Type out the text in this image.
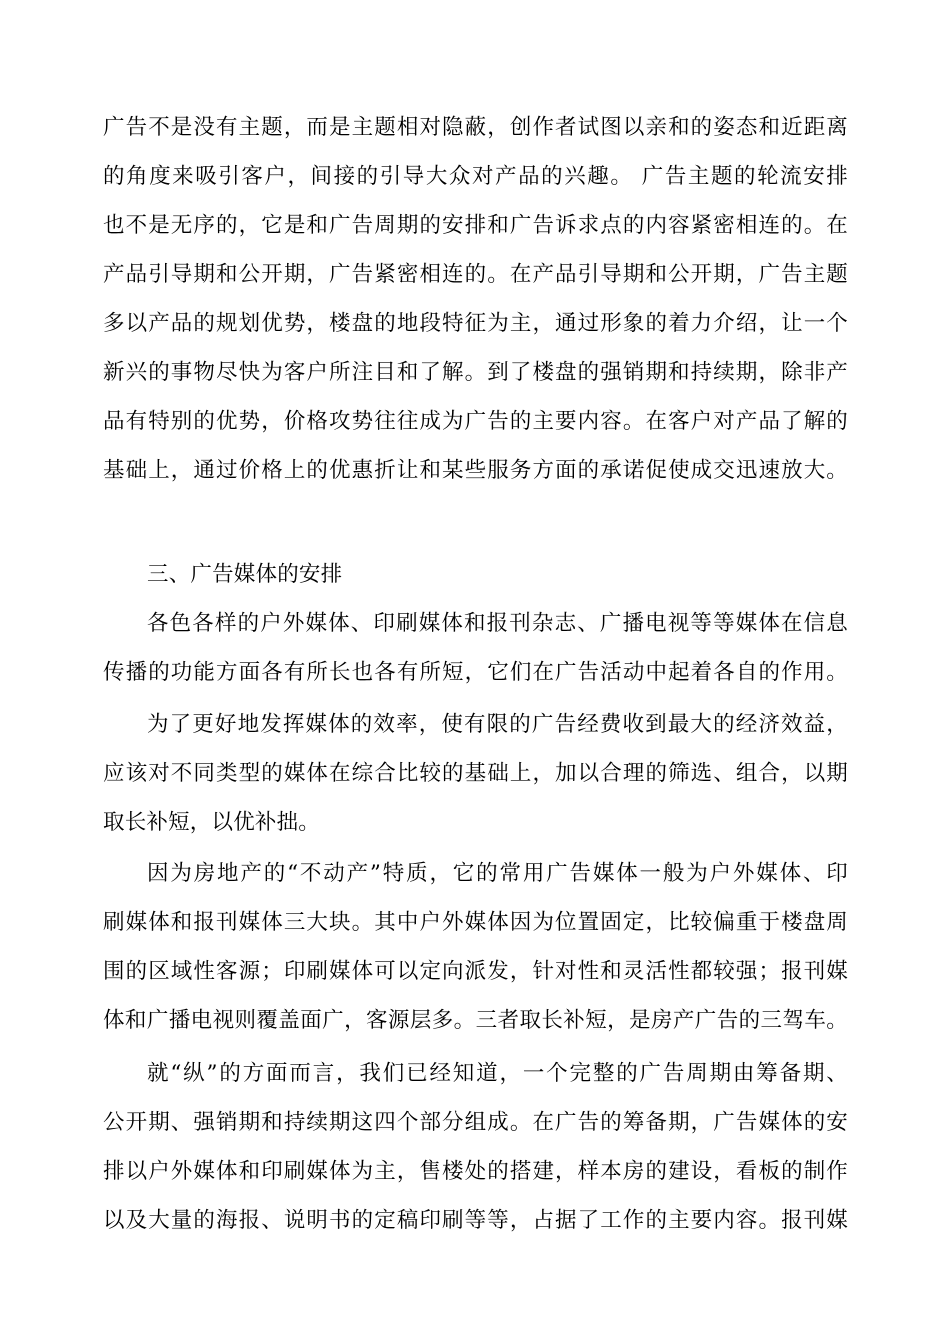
广告不是没有主题，而是主题相对隐蔽，创作者试图以亲和的姿态和近距离
的角度来吸引客户，间接的引导大众对产品的兴趣。 广告主题的轮流安排
也不是无序的，它是和广告周期的安排和广告诉求点的内容紧密相连的。在
产品引导期和公开期，广告紧密相连的。在产品引导期和公开期，广告主题
多以产品的规划优势，楼盘的地段特征为主，通过形象的着力介绍，让一个
新兴的事物尽快为客户所注目和了解。到了楼盘的强销期和持续期，除非产
品有特别的优势，价格攻势往往成为广告的主要内容。在客户对产品了解的
基础上，通过价格上的优惠折让和某些服务方面的承诺促使成交迅速放大。
三、广告媒体的安排
各色各样的户外媒体、印刷媒体和报刊杂志、广播电视等等媒体在信息
传播的功能方面各有所长也各有所短，它们在广告活动中起着各自的作用。
为了更好地发挥媒体的效率，使有限的广告经费收到最大的经济效益，
应该对不同类型的媒体在综合比较的基础上，加以合理的筛选、组合，以期
取长补短，以优补拙。
因为房地产的“不动产”特质，它的常用广告媒体一般为户外媒体、印
刷媒体和报刊媒体三大块。其中户外媒体因为位置固定，比较偏重于楼盘周
围的区域性客源；印刷媒体可以定向派发，针对性和灵活性都较强；报刊媒
体和广播电视则覆盖面广，客源层多。三者取长补短，是房产广告的三驾车。
就“纵”的方面而言，我们已经知道，一个完整的广告周期由筹备期、
公开期、强销期和持续期这四个部分组成。在广告的筹备期，广告媒体的安
排以户外媒体和印刷媒体为主，售楼处的搭建，样本房的建设，看板的制作
以及大量的海报、说明书的定稿印刷等等，占据了工作的主要内容。报刊媒
